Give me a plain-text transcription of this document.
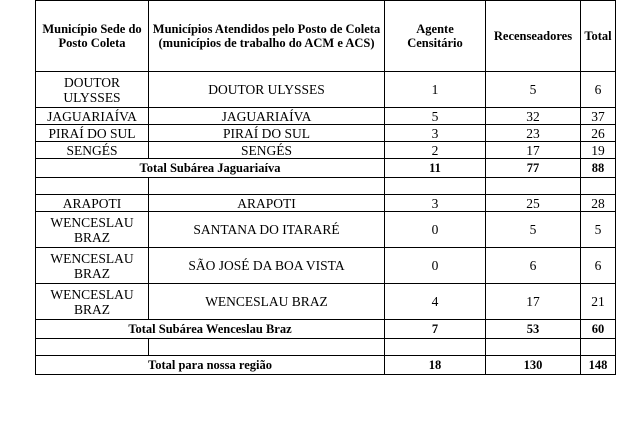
Município Sede do Posto Coleta	Municípios Atendidos pelo Posto de Coleta (municípios de trabalho do ACM e ACS)	Agente Censitário	Recenseadores	Total
DOUTOR ULYSSES	DOUTOR ULYSSES	1	5	6
JAGUARIAÍVA	JAGUARIAÍVA	5	32	37
PIRAÍ DO SUL	PIRAÍ DO SUL	3	23	26
SENGÉS	SENGÉS	2	17	19
Total Subárea Jaguariaíva		11	77	88

ARAPOTI	ARAPOTI	3	25	28
WENCESLAU BRAZ	SANTANA DO ITARARÉ	0	5	5
WENCESLAU BRAZ	SÃO JOSÉ DA BOA VISTA	0	6	6
WENCESLAU BRAZ	WENCESLAU BRAZ	4	17	21
Total Subárea Wenceslau Braz		7	53	60

Total para nossa região		18	130	148
